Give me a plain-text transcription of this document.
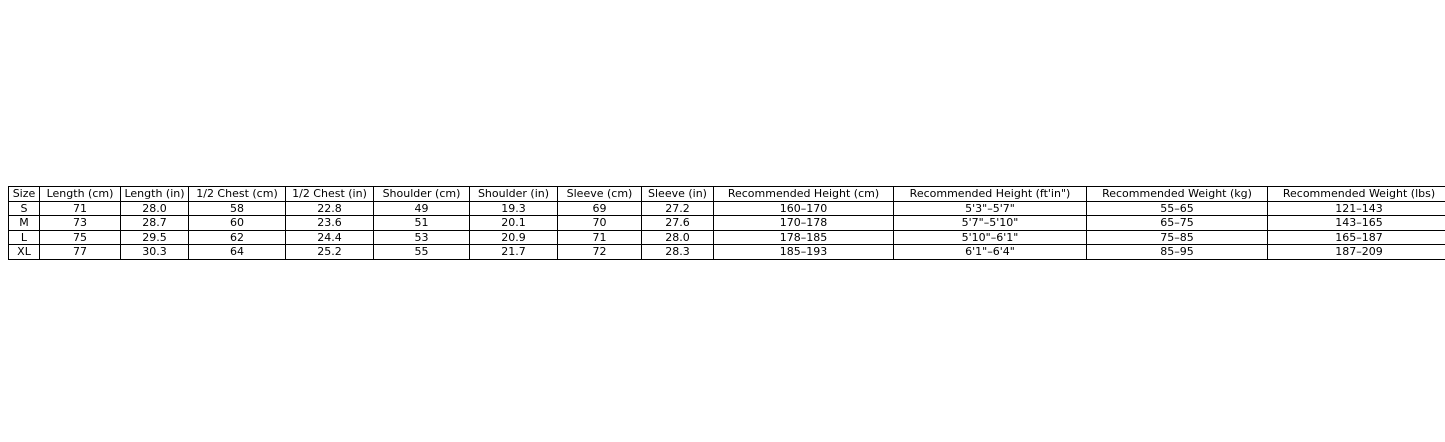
Size	Length (cm)	Length (in)	1/2 Chest (cm)	1/2 Chest (in)	Shoulder (cm)	Shoulder (in)	Sleeve (cm)	Sleeve (in)	Recommended Height (cm)	Recommended Height (ft'in")	Recommended Weight (kg)	Recommended Weight (lbs)
S	71	28.0	58	22.8	49	19.3	69	27.2	160–170	5'3"–5'7"	55–65	121–143
M	73	28.7	60	23.6	51	20.1	70	27.6	170–178	5'7"–5'10"	65–75	143–165
L	75	29.5	62	24.4	53	20.9	71	28.0	178–185	5'10"–6'1"	75–85	165–187
XL	77	30.3	64	25.2	55	21.7	72	28.3	185–193	6'1"–6'4"	85–95	187–209
